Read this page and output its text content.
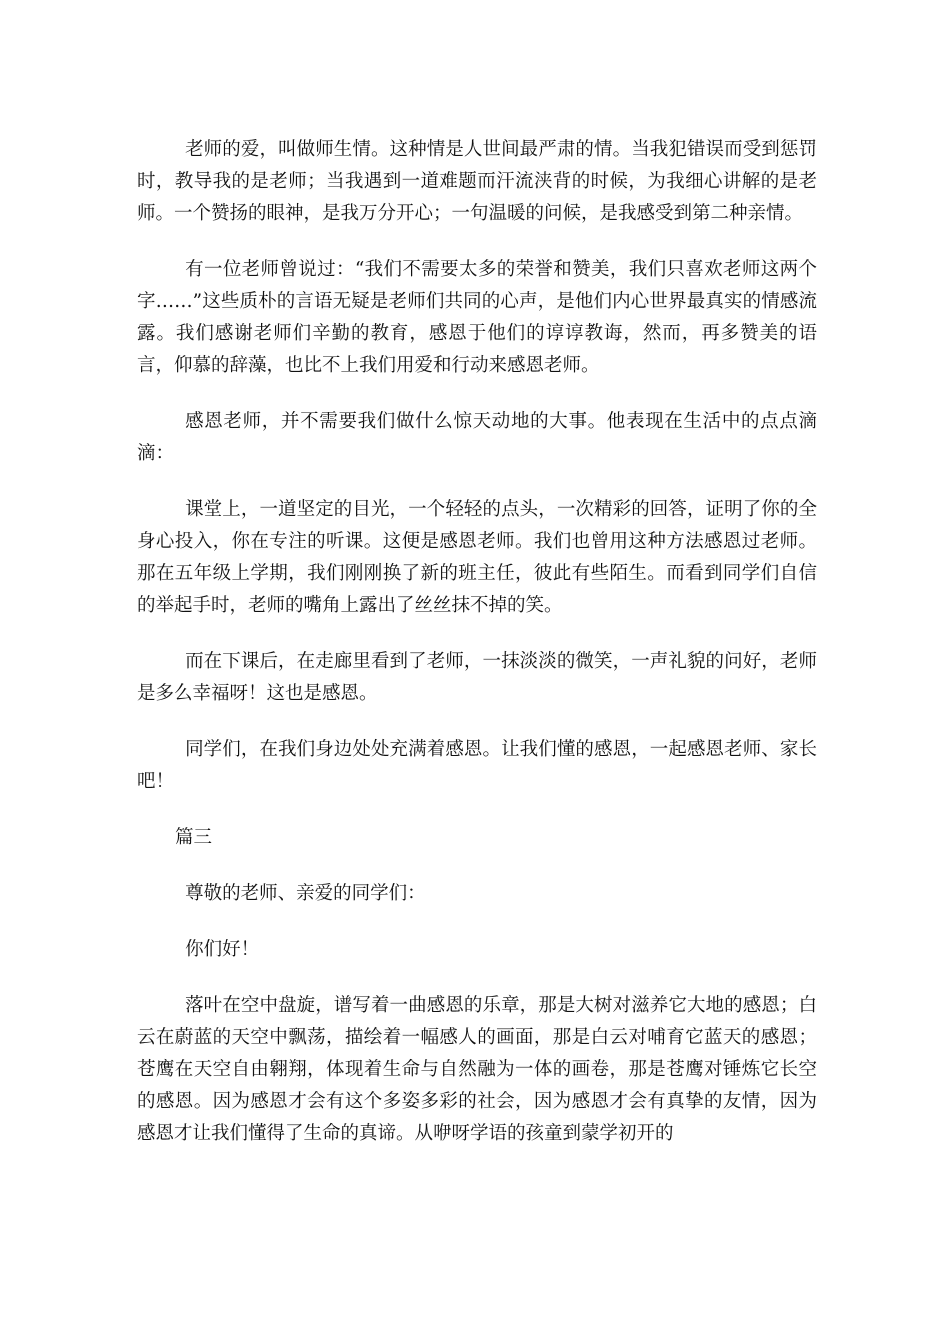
老师的爱，叫做师生情。这种情是人世间最严肃的情。当我犯错误而受到惩罚时，教导我的是老师；当我遇到一道难题而汗流浃背的时候，为我细心讲解的是老师。一个赞扬的眼神，是我万分开心；一句温暖的问候，是我感受到第二种亲情。

有一位老师曾说过：“我们不需要太多的荣誉和赞美，我们只喜欢老师这两个字……”这些质朴的言语无疑是老师们共同的心声，是他们内心世界最真实的情感流露。我们感谢老师们辛勤的教育，感恩于他们的谆谆教诲，然而，再多赞美的语言，仰慕的辞藻，也比不上我们用爱和行动来感恩老师。

感恩老师，并不需要我们做什么惊天动地的大事。他表现在生活中的点点滴滴：

课堂上，一道坚定的目光，一个轻轻的点头，一次精彩的回答，证明了你的全身心投入，你在专注的听课。这便是感恩老师。我们也曾用这种方法感恩过老师。那在五年级上学期，我们刚刚换了新的班主任，彼此有些陌生。而看到同学们自信的举起手时，老师的嘴角上露出了丝丝抹不掉的笑。

而在下课后，在走廊里看到了老师，一抹淡淡的微笑，一声礼貌的问好，老师是多么幸福呀！这也是感恩。

同学们，在我们身边处处充满着感恩。让我们懂的感恩，一起感恩老师、家长吧！

篇三

尊敬的老师、亲爱的同学们：

你们好！

落叶在空中盘旋，谱写着一曲感恩的乐章，那是大树对滋养它大地的感恩；白云在蔚蓝的天空中飘荡，描绘着一幅感人的画面，那是白云对哺育它蓝天的感恩；苍鹰在天空自由翱翔，体现着生命与自然融为一体的画卷，那是苍鹰对锤炼它长空的感恩。因为感恩才会有这个多姿多彩的社会，因为感恩才会有真挚的友情，因为感恩才让我们懂得了生命的真谛。从咿呀学语的孩童到蒙学初开的
